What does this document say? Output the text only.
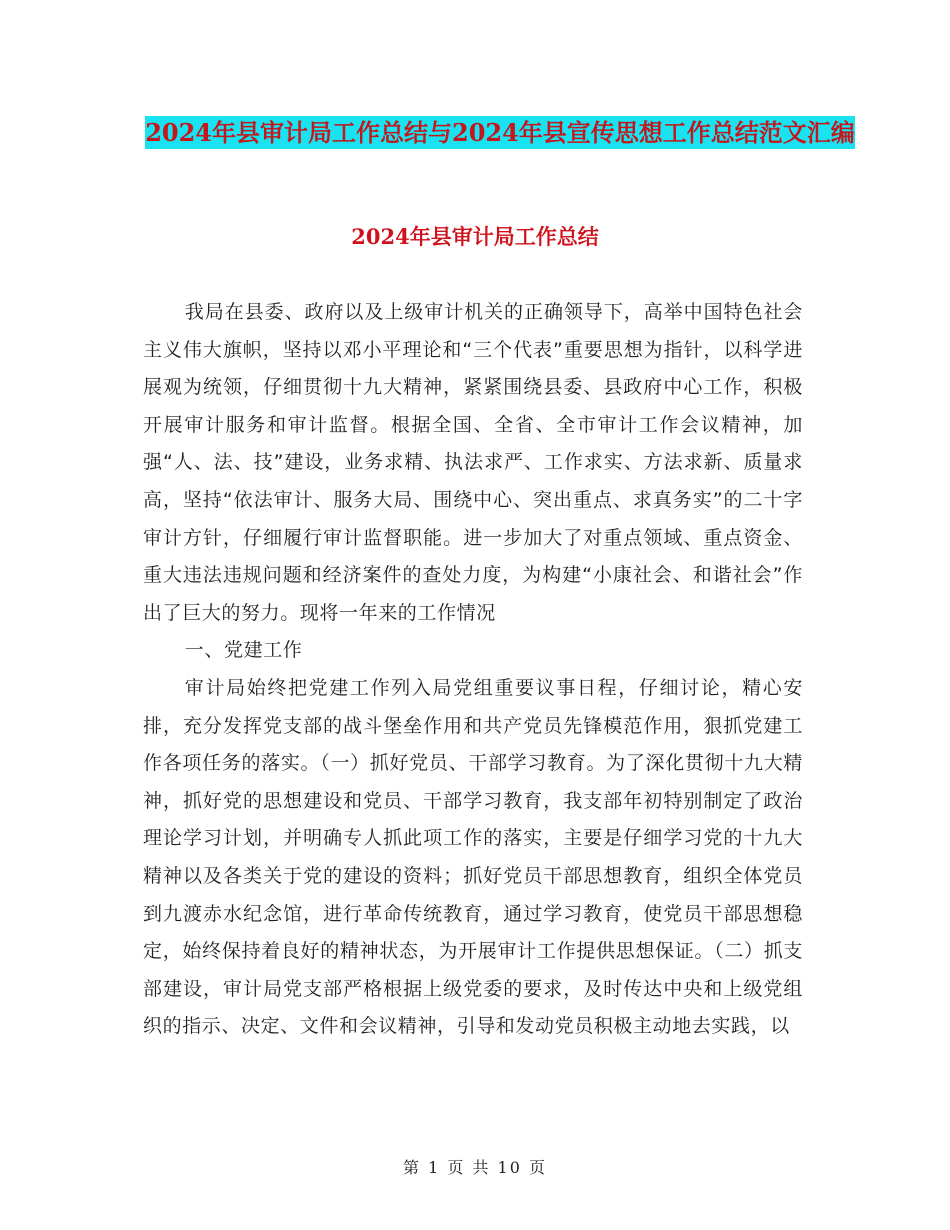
2024年县审计局工作总结与2024年县宣传思想工作总结范文汇编
2024年县审计局工作总结

我局在县委、政府以及上级审计机关的正确领导下，高举中国特色社会主义伟大旗帜，坚持以邓小平理论和“三个代表”重要思想为指针，以科学进展观为统领，仔细贯彻十九大精神，紧紧围绕县委、县政府中心工作，积极开展审计服务和审计监督。根据全国、全省、全市审计工作会议精神，加强“人、法、技”建设，业务求精、执法求严、工作求实、方法求新、质量求高，坚持“依法审计、服务大局、围绕中心、突出重点、求真务实”的二十字审计方针，仔细履行审计监督职能。进一步加大了对重点领域、重点资金、重大违法违规问题和经济案件的查处力度，为构建“小康社会、和谐社会”作出了巨大的努力。现将一年来的工作情况

一、党建工作

审计局始终把党建工作列入局党组重要议事日程，仔细讨论，精心安排，充分发挥党支部的战斗堡垒作用和共产党员先锋模范作用，狠抓党建工作各项任务的落实。（一）抓好党员、干部学习教育。为了深化贯彻十九大精神，抓好党的思想建设和党员、干部学习教育，我支部年初特别制定了政治理论学习计划，并明确专人抓此项工作的落实，主要是仔细学习党的十九大精神以及各类关于党的建设的资料；抓好党员干部思想教育，组织全体党员到九渡赤水纪念馆，进行革命传统教育，通过学习教育，使党员干部思想稳定，始终保持着良好的精神状态，为开展审计工作提供思想保证。（二）抓支部建设，审计局党支部严格根据上级党委的要求，及时传达中央和上级党组织的指示、决定、文件和会议精神，引导和发动党员积极主动地去实践，以

第 1 页 共 10 页
